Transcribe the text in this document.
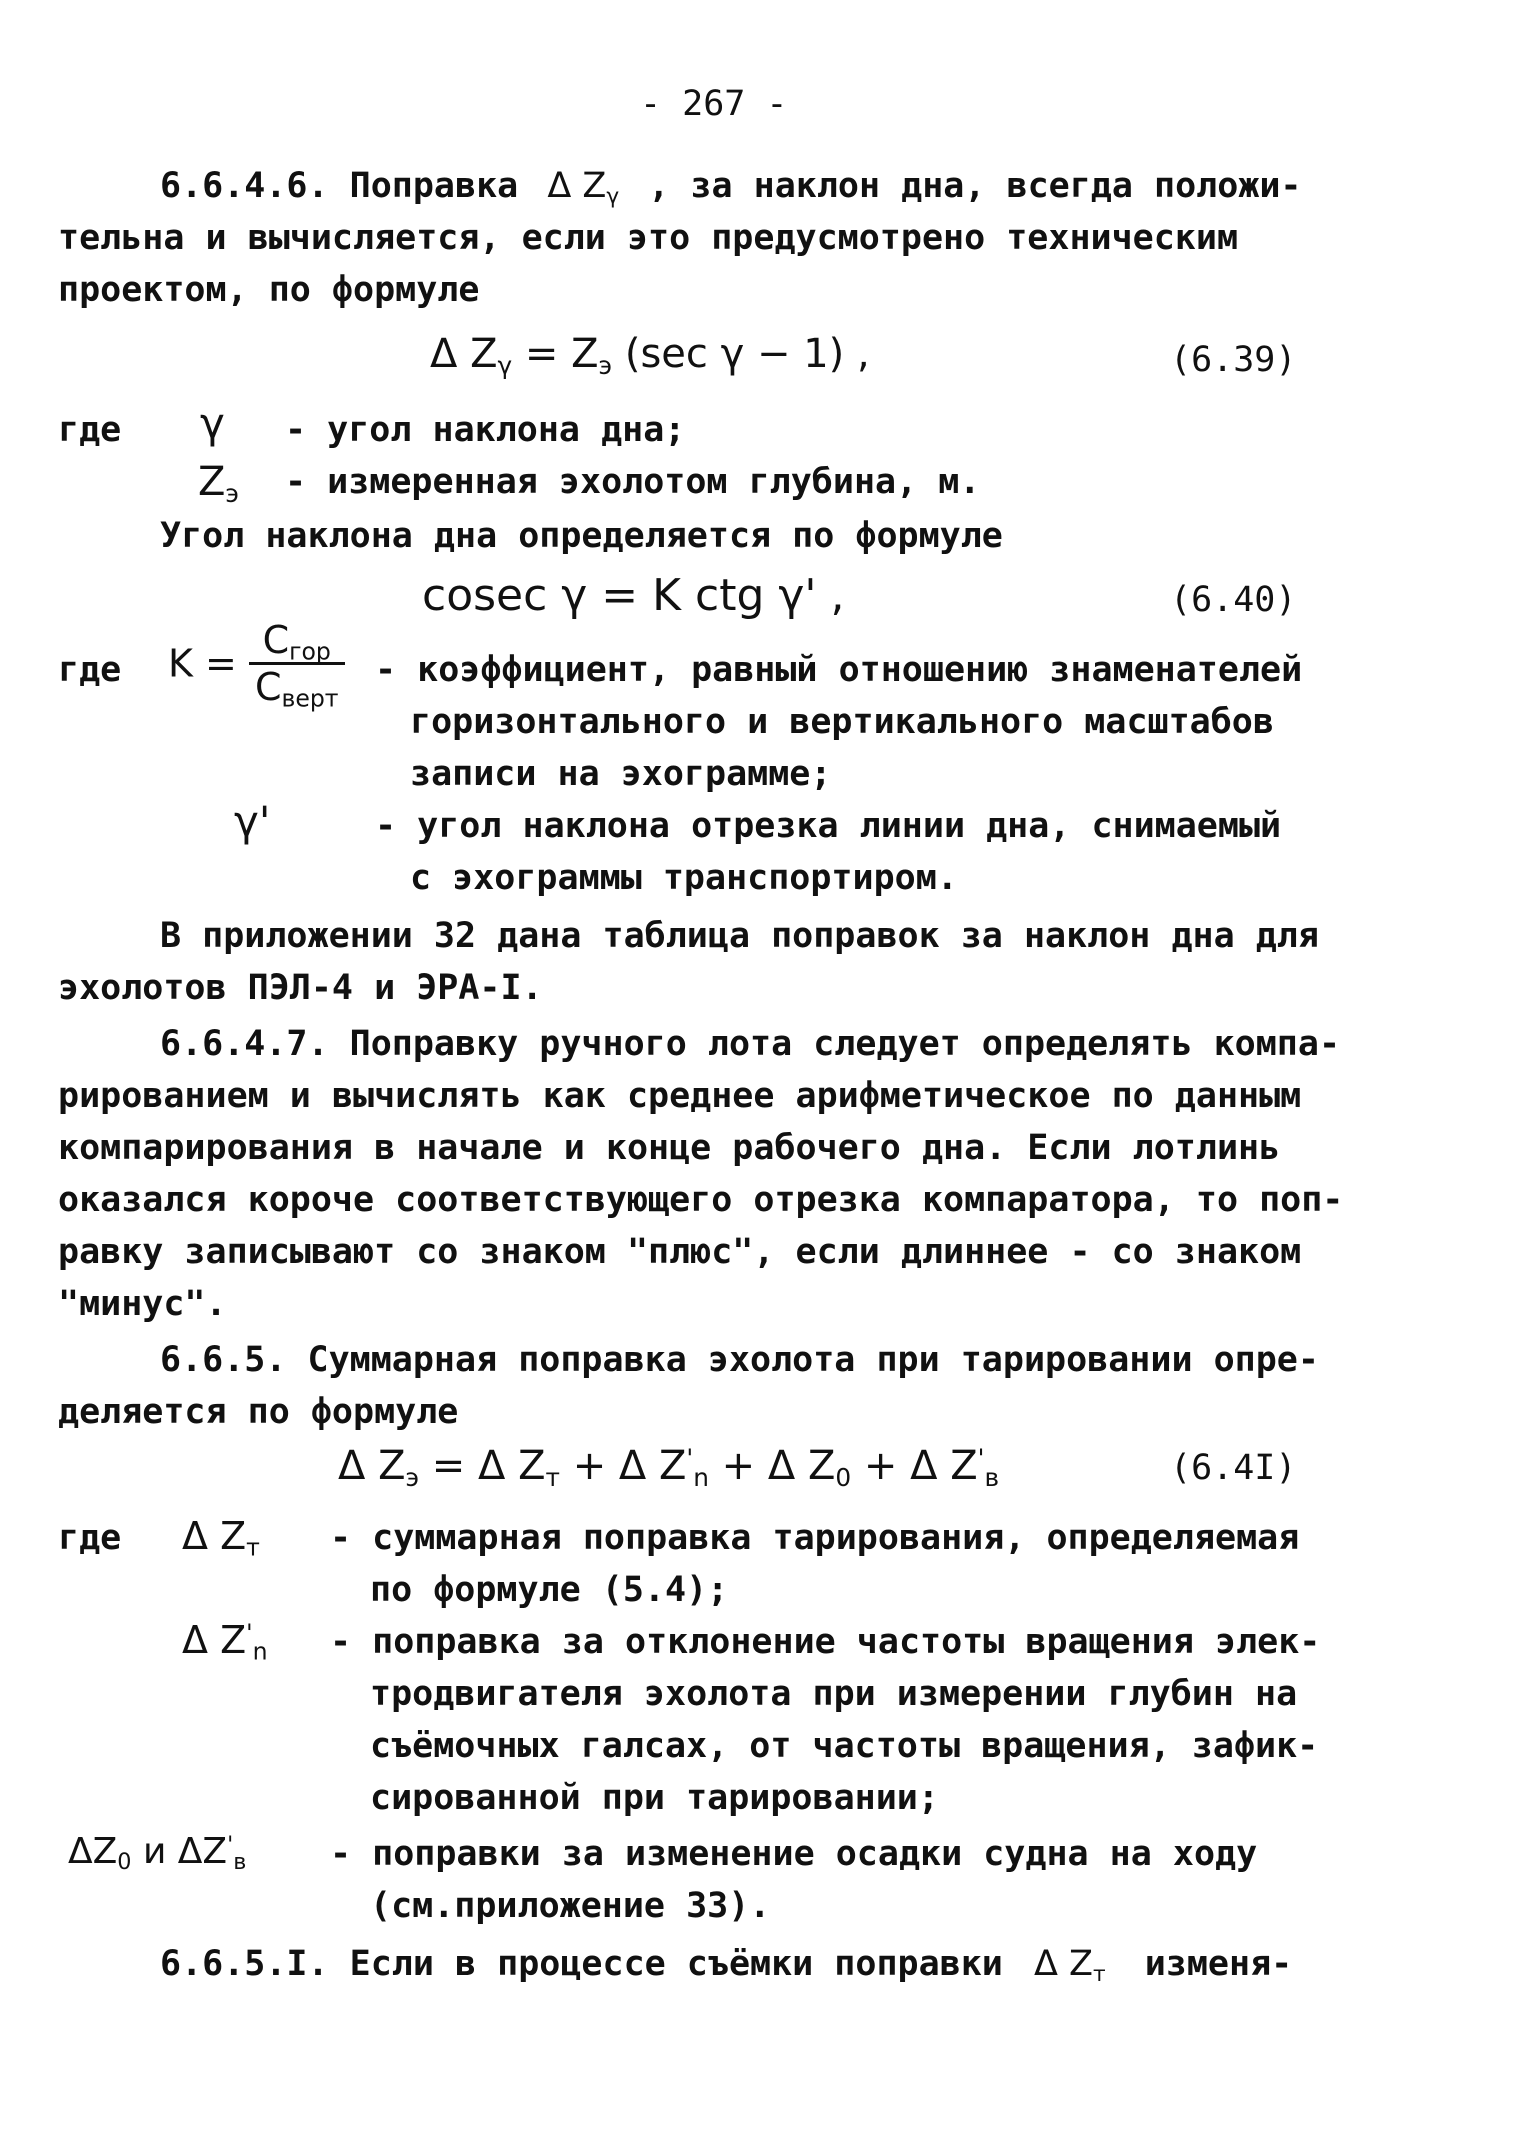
- 267 -
6.6.4.6. Поправка Δ $Z_\gamma$ , за наклон дна, всегда положи-
тельна и вычисляется, если это предусмотрено техническим
проектом, по формуле
Δ $Z_\gamma = Z_э$ (sec γ − 1) ,	(6.39)
где γ - угол наклона дна;
$Z_э$ - измеренная эхолотом глубина, м.
Угол наклона дна определяется по формуле
cosec γ = K ctg γ' ,	(6.40)
где $K = \frac{C_{гор}}{C_{верт}}$ - коэффициент, равный отношению знаменателей
горизонтального и вертикального масштабов
записи на эхограмме;
γ'	- угол наклона отрезка линии дна, снимаемый
с эхограммы транспортиром.
В приложении 32 дана таблица поправок за наклон дна для
эхолотов ПЭЛ-4 и ЭРА-I.
6.6.4.7. Поправку ручного лота следует определять компа-
рированием и вычислять как среднее арифметическое по данным
компарирования в начале и конце рабочего дна. Если лотлинь
оказался короче соответствующего отрезка компаратора, то поп-
равку записывают со знаком "плюс", если длиннее - со знаком
"минус".
6.6.5. Суммарная поправка эхолота при тарировании опре-
деляется по формуле
Δ $Z_э = \Delta$ $Z_т + \Delta$ $Z'_n + \Delta$ $Z_0 + \Delta$ $Z'_в$	(6.4I)
где Δ $Z_т$ - суммарная поправка тарирования, определяемая
по формуле (5.4);
Δ $Z'_n$ - поправка за отклонение частоты вращения элек-
тродвигателя эхолота при измерении глубин на
съёмочных галсах, от частоты вращения, зафик-
сированной при тарировании;
$\Delta Z_0$ и $\Delta Z'_в$ - поправки за изменение осадки судна на ходу
(см.приложение 33).
6.6.5.I. Если в процессе съёмки поправки Δ $Z_т$ изменя-
